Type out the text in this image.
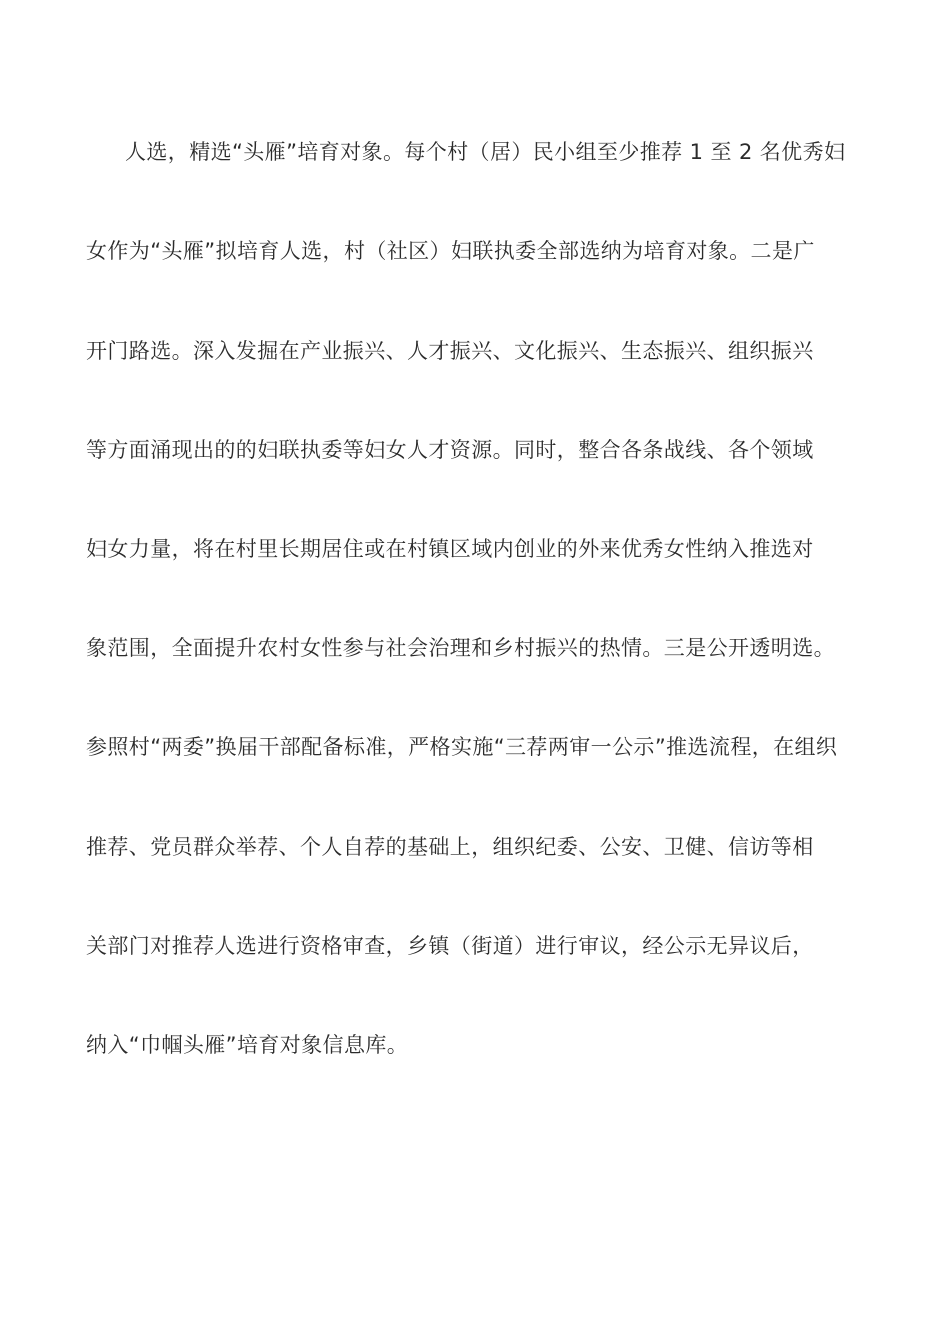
人选，精选“头雁”培育对象。每个村（居）民小组至少推荐 1 至 2 名优秀妇
女作为“头雁”拟培育人选，村（社区）妇联执委全部选纳为培育对象。二是广
开门路选。深入发掘在产业振兴、人才振兴、文化振兴、生态振兴、组织振兴
等方面涌现出的的妇联执委等妇女人才资源。同时，整合各条战线、各个领域
妇女力量，将在村里长期居住或在村镇区域内创业的外来优秀女性纳入推选对
象范围，全面提升农村女性参与社会治理和乡村振兴的热情。三是公开透明选。
参照村“两委”换届干部配备标准，严格实施“三荐两审一公示”推选流程，在组织
推荐、党员群众举荐、个人自荐的基础上，组织纪委、公安、卫健、信访等相
关部门对推荐人选进行资格审查，乡镇（街道）进行审议，经公示无异议后，
纳入“巾帼头雁”培育对象信息库。
